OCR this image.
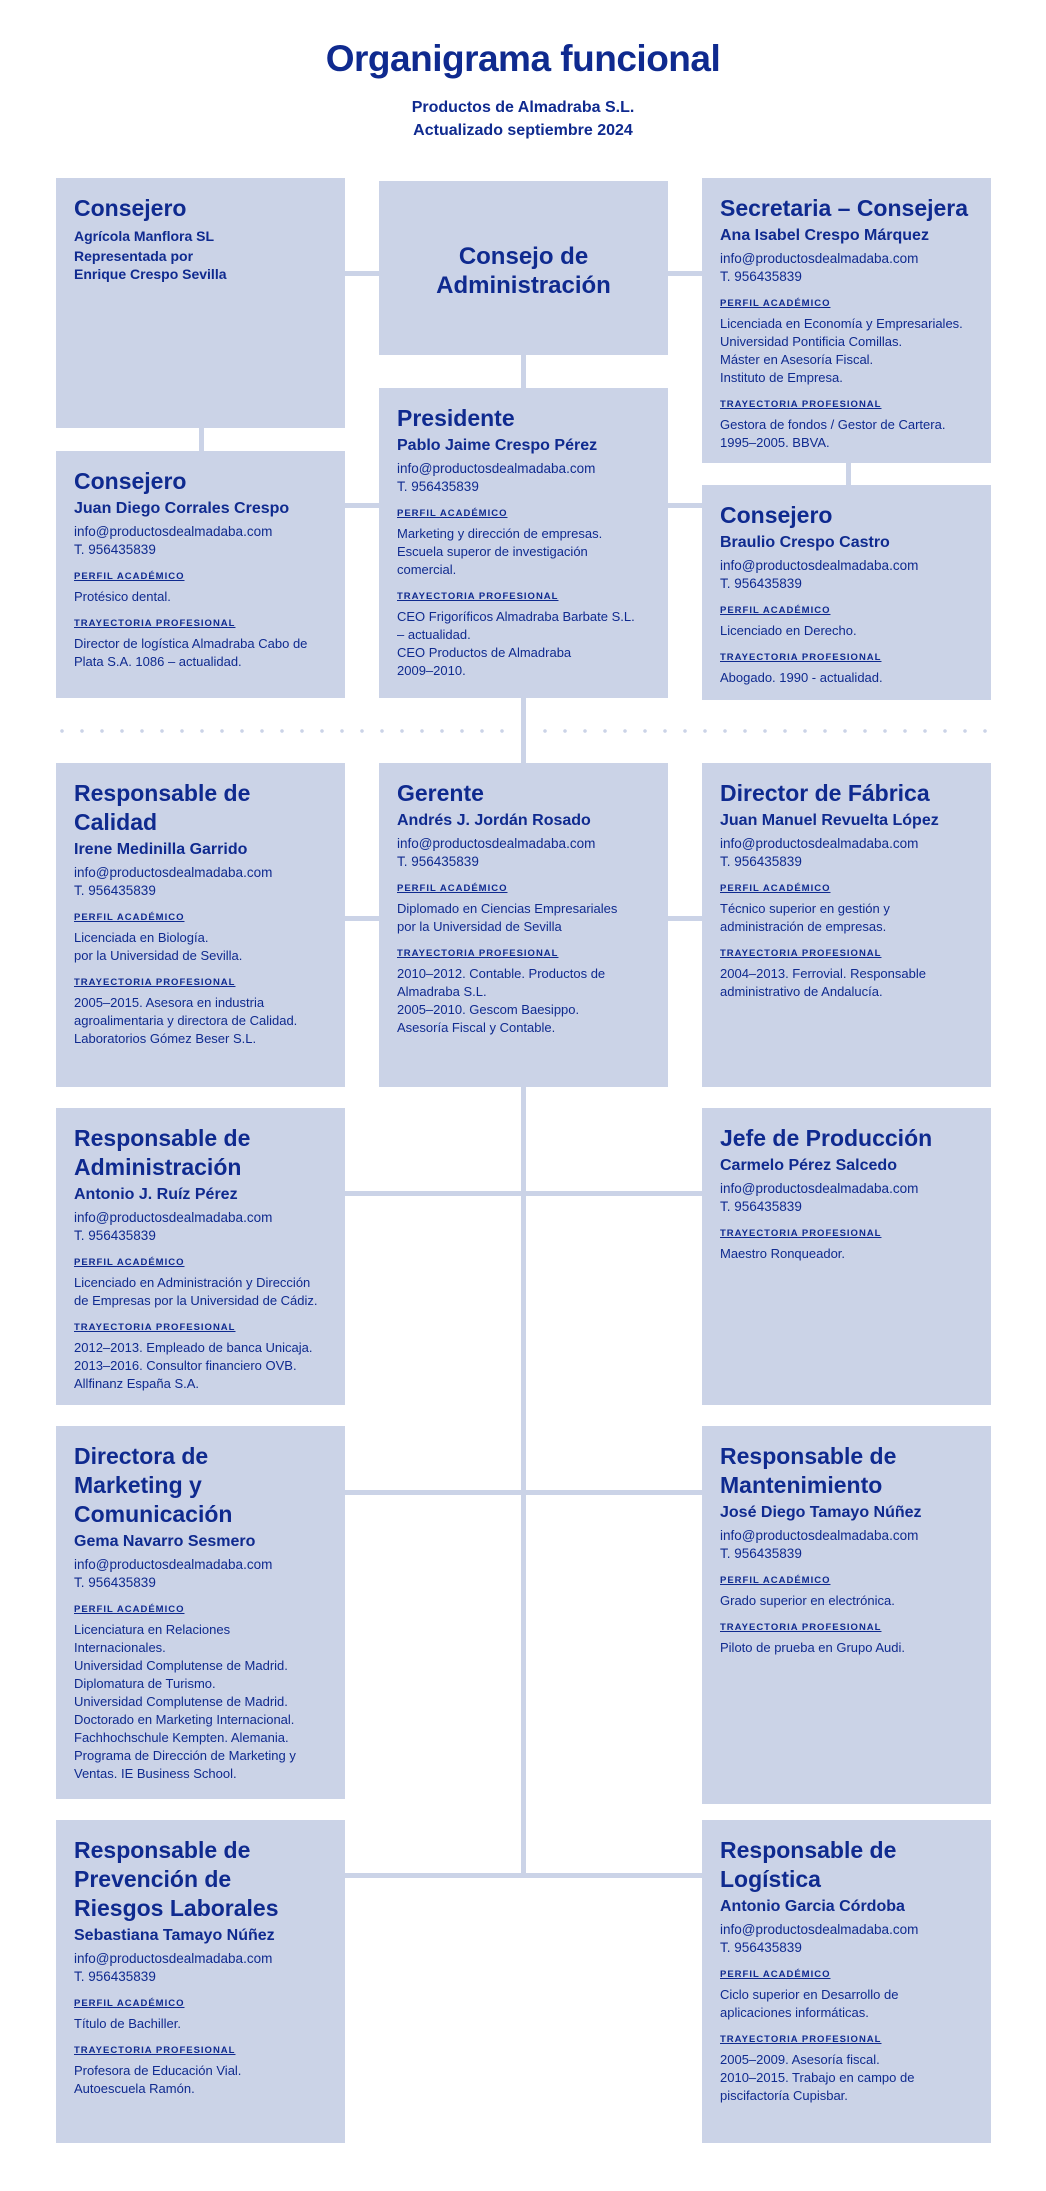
Organigrama funcional
Productos de Almadraba S.L.
Actualizado septiembre 2024
Consejero
Agrícola Manflora SL
Representada por
Enrique Crespo Sevilla
Consejo de Administración
Secretaria – Consejera
Ana Isabel Crespo Márquez
info@productosdealmadaba.com
T. 956435839
PERFIL ACADÉMICO
Licenciada en Economía y Empresariales.
Universidad Pontificia Comillas.
Máster en Asesoría Fiscal.
Instituto de Empresa.
TRAYECTORIA PROFESIONAL
Gestora de fondos / Gestor de Cartera.
1995–2005. BBVA.
Consejero
Juan Diego Corrales Crespo
info@productosdealmadaba.com
T. 956435839
PERFIL ACADÉMICO
Protésico dental.
TRAYECTORIA PROFESIONAL
Director de logística Almadraba Cabo de
Plata S.A. 1086 – actualidad.
Presidente
Pablo Jaime Crespo Pérez
info@productosdealmadaba.com
T. 956435839
PERFIL ACADÉMICO
Marketing y dirección de empresas.
Escuela superor de investigación
comercial.
TRAYECTORIA PROFESIONAL
CEO Frigoríficos Almadraba Barbate S.L.
– actualidad.
CEO Productos de Almadraba
2009–2010.
Consejero
Braulio Crespo Castro
info@productosdealmadaba.com
T. 956435839
PERFIL ACADÉMICO
Licenciado en Derecho.
TRAYECTORIA PROFESIONAL
Abogado. 1990 - actualidad.
Responsable de
Calidad
Irene Medinilla Garrido
info@productosdealmadaba.com
T. 956435839
PERFIL ACADÉMICO
Licenciada en Biología.
por la Universidad de Sevilla.
TRAYECTORIA PROFESIONAL
2005–2015. Asesora en industria
agroalimentaria y directora de Calidad.
Laboratorios Gómez Beser S.L.
Gerente
Andrés J. Jordán Rosado
info@productosdealmadaba.com
T. 956435839
PERFIL ACADÉMICO
Diplomado en Ciencias Empresariales
por la Universidad de Sevilla
TRAYECTORIA PROFESIONAL
2010–2012. Contable. Productos de
Almadraba S.L.
2005–2010. Gescom Baesippo.
Asesoría Fiscal y Contable.
Director de Fábrica
Juan Manuel Revuelta López
info@productosdealmadaba.com
T. 956435839
PERFIL ACADÉMICO
Técnico superior en gestión y
administración de empresas.
TRAYECTORIA PROFESIONAL
2004–2013. Ferrovial. Responsable
administrativo de Andalucía.
Responsable de
Administración
Antonio J. Ruíz Pérez
info@productosdealmadaba.com
T. 956435839
PERFIL ACADÉMICO
Licenciado en Administración y Dirección
de Empresas por la Universidad de Cádiz.
TRAYECTORIA PROFESIONAL
2012–2013. Empleado de banca Unicaja.
2013–2016. Consultor financiero OVB.
Allfinanz España S.A.
Jefe de Producción
Carmelo Pérez Salcedo
info@productosdealmadaba.com
T. 956435839
TRAYECTORIA PROFESIONAL
Maestro Ronqueador.
Directora de
Marketing y
Comunicación
Gema Navarro Sesmero
info@productosdealmadaba.com
T. 956435839
PERFIL ACADÉMICO
Licenciatura en Relaciones
Internacionales.
Universidad Complutense de Madrid.
Diplomatura de Turismo.
Universidad Complutense de Madrid.
Doctorado en Marketing Internacional.
Fachhochschule Kempten. Alemania.
Programa de Dirección de Marketing y
Ventas. IE Business School.
Responsable de
Mantenimiento
José Diego Tamayo Núñez
info@productosdealmadaba.com
T. 956435839
PERFIL ACADÉMICO
Grado superior en electrónica.
TRAYECTORIA PROFESIONAL
Piloto de prueba en Grupo Audi.
Responsable de
Prevención de
Riesgos Laborales
Sebastiana Tamayo Núñez
info@productosdealmadaba.com
T. 956435839
PERFIL ACADÉMICO
Título de Bachiller.
TRAYECTORIA PROFESIONAL
Profesora de Educación Vial.
Autoescuela Ramón.
Responsable de
Logística
Antonio Garcia Córdoba
info@productosdealmadaba.com
T. 956435839
PERFIL ACADÉMICO
Ciclo superior en Desarrollo de
aplicaciones informáticas.
TRAYECTORIA PROFESIONAL
2005–2009. Asesoría fiscal.
2010–2015. Trabajo en campo de
piscifactoría Cupisbar.
